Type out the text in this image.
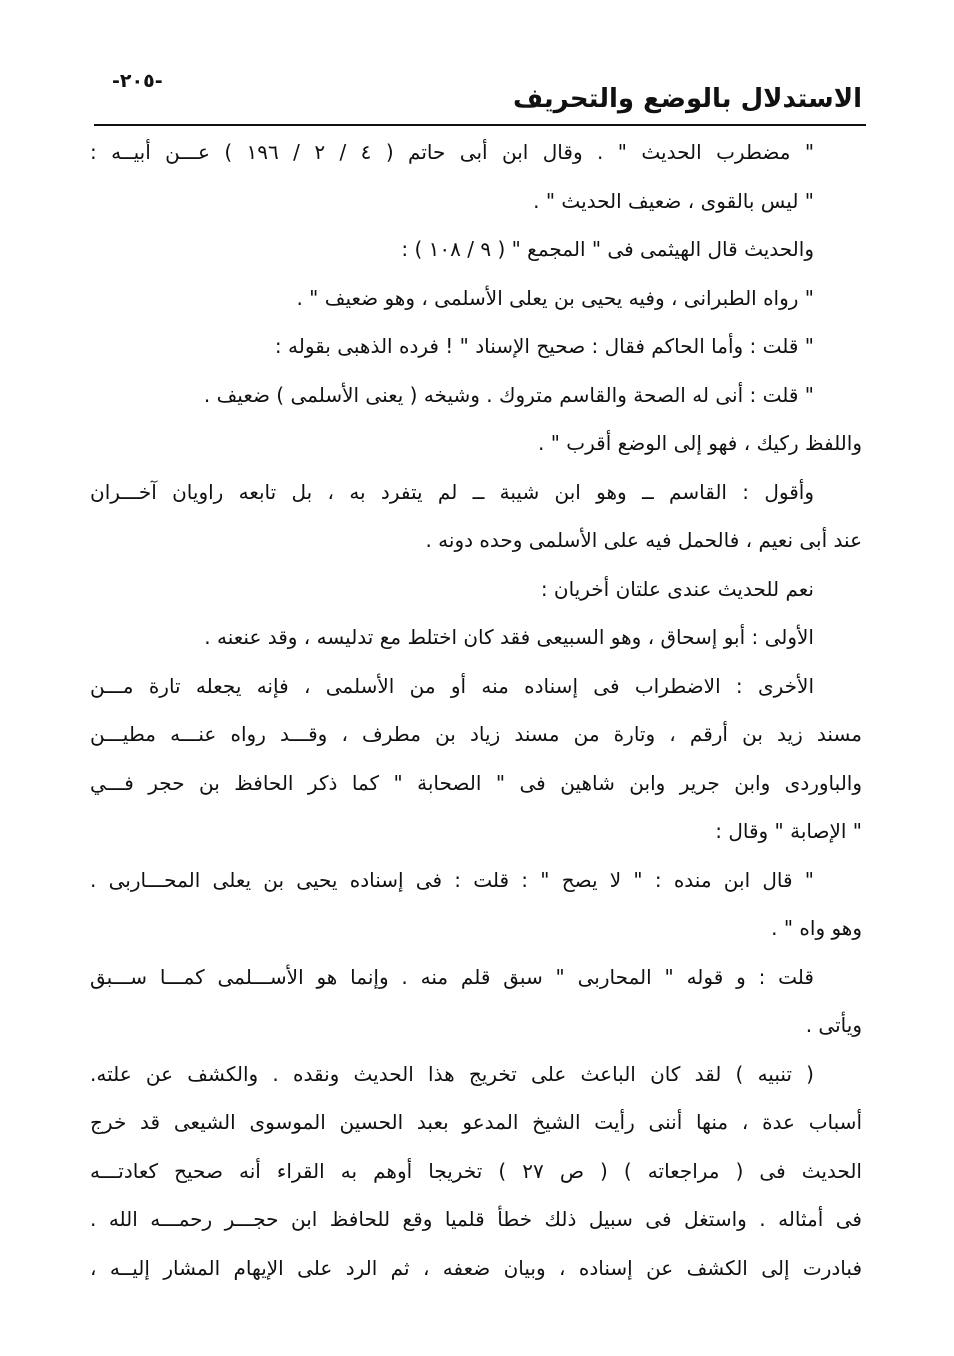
-٢٠٥-
الاستدلال بالوضع والتحريف
" مضطرب الحديث " . وقال ابن أبى حاتم ( ٤ / ٢ / ١٩٦ ) عـــن أبيــه :
" ليس بالقوى ، ضعيف الحديث " .
والحديث قال الهيثمى فى " المجمع " ( ٩ / ١٠٨ ) :
" رواه الطبرانى ، وفيه يحيى بن يعلى الأسلمى ، وهو ضعيف " .
" قلت : وأما الحاكم فقال : صحيح الإسناد " ! فرده الذهبى بقوله :
" قلت : أنى له الصحة والقاسم متروك . وشيخه ( يعنى الأسلمى ) ضعيف .
واللفظ ركيك ، فهو إلى الوضع أقرب " .
وأقول : القاسم ــ وهو ابن شيبة ــ لم يتفرد به ، بل تابعه راويان آخـــران
عند أبى نعيم ، فالحمل فيه على الأسلمى وحده دونه .
نعم للحديث عندى علتان أخريان :
الأولى : أبو إسحاق ، وهو السبيعى فقد كان اختلط مع تدليسه ، وقد عنعنه .
الأخرى : الاضطراب فى إسناده منه أو من الأسلمى ، فإنه يجعله تارة مـــن
مسند زيد بن أرقم ، وتارة من مسند زياد بن مطرف ، وقـــد رواه عنـــه مطيـــن
والباوردى وابن جرير وابن شاهين فى " الصحابة " كما ذكر الحافظ بن حجر فـــي
" الإصابة " وقال :
" قال ابن منده : " لا يصح " : قلت : فى إسناده يحيى بن يعلى المحـــاربى .
وهو واه " .
قلت : و قوله " المحاربى " سبق قلم منه . وإنما هو الأســـلمى كمـــا ســـبق
ويأتى .
( تنبيه ) لقد كان الباعث على تخريج هذا الحديث ونقده . والكشف عن علته.
أسباب عدة ، منها أننى رأيت الشيخ المدعو بعبد الحسين الموسوى الشيعى قد خرج
الحديث فى ( مراجعاته ) ( ص ٢٧ ) تخريجا أوهم به القراء أنه صحيح كعادتـــه
فى أمثاله . واستغل فى سبيل ذلك خطأ قلميا وقع للحافظ ابن حجـــر رحمـــه الله .
فبادرت إلى الكشف عن إسناده ، وبيان ضعفه ، ثم الرد على الإيهام المشار إليــه ،
